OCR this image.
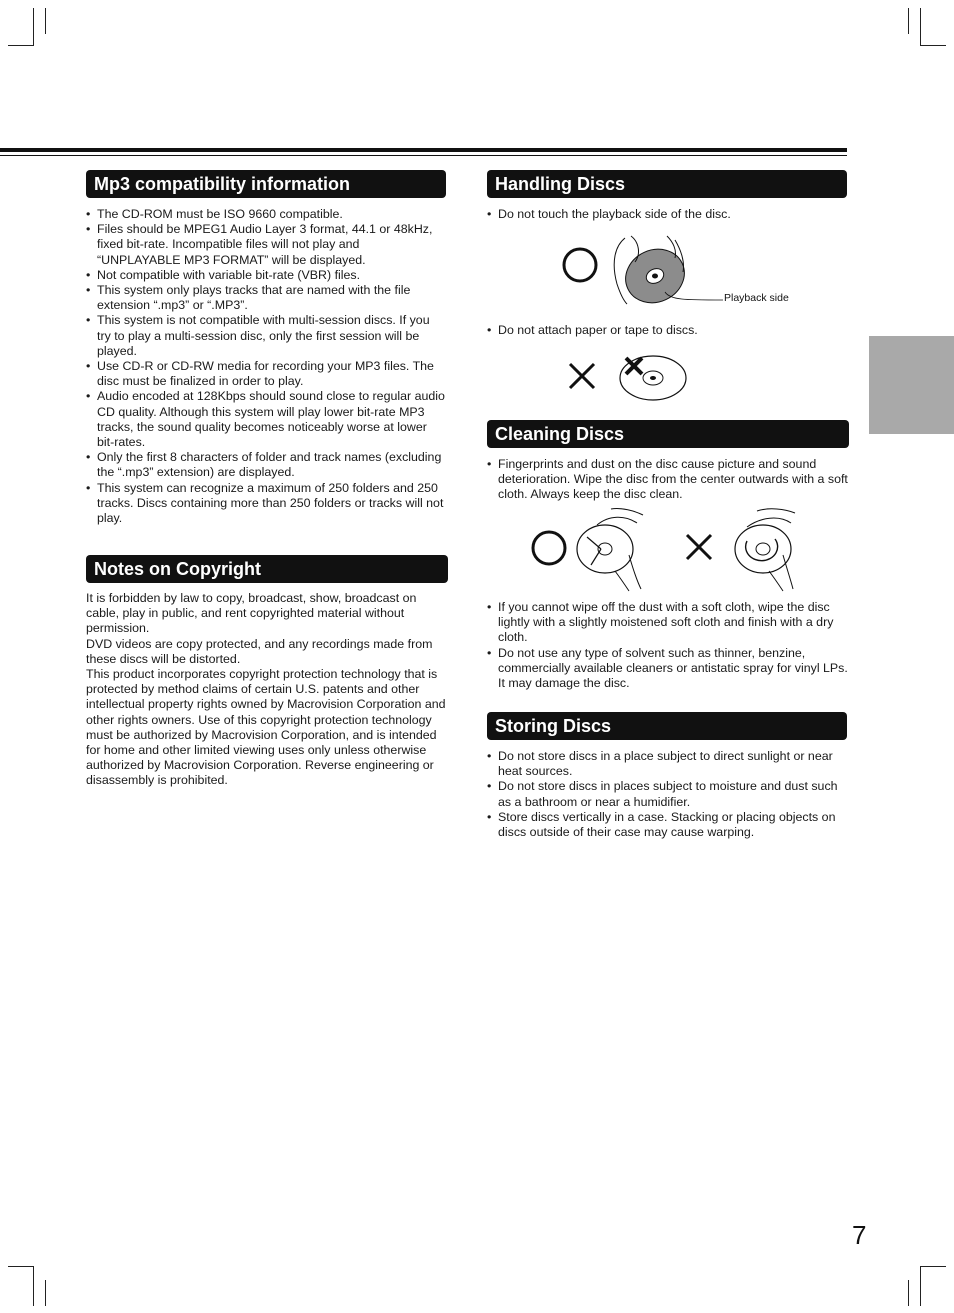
Mp3 compatibility information
• The CD-ROM must be ISO 9660 compatible.
• Files should be MPEG1 Audio Layer 3 format, 44.1 or 48kHz, fixed bit-rate. Incompatible files will not play and “UNPLAYABLE MP3 FORMAT” will be displayed.
• Not compatible with variable bit-rate (VBR) files.
• This system only plays tracks that are named with the file extension “.mp3” or “.MP3”.
• This system is not compatible with multi-session discs. If you try to play a multi-session disc, only the first session will be played.
• Use CD-R or CD-RW media for recording your MP3 files. The disc must be finalized in order to play.
• Audio encoded at 128Kbps should sound close to regular audio CD quality. Although this system will play lower bit-rate MP3 tracks, the sound quality becomes noticeably worse at lower bit-rates.
• Only the first 8 characters of folder and track names (excluding the “.mp3” extension) are displayed.
• This system can recognize a maximum of 250 folders and 250 tracks. Discs containing more than 250 folders or tracks will not play.
Notes on Copyright

It is forbidden by law to copy, broadcast, show, broadcast on cable, play in public, and rent copyrighted material without permission.

DVD videos are copy protected, and any recordings made from these discs will be distorted.

This product incorporates copyright protection technology that is protected by method claims of certain U.S. patents and other intellectual property rights owned by Macrovision Corporation and other rights owners. Use of this copyright protection technology must be authorized by Macrovision Corporation, and is intended for home and other limited viewing uses only unless otherwise authorized by Macrovision Corporation. Reverse engineering or disassembly is prohibited.

Handling Discs
• Do not touch the playback side of the disc.
Playback side
• Do not attach paper or tape to discs.
Cleaning Discs
• Fingerprints and dust on the disc cause picture and sound deterioration. Wipe the disc from the center outwards with a soft cloth. Always keep the disc clean.
• If you cannot wipe off the dust with a soft cloth, wipe the disc lightly with a slightly moistened soft cloth and finish with a dry cloth.
• Do not use any type of solvent such as thinner, benzine, commercially available cleaners or antistatic spray for vinyl LPs. It may damage the disc.
Storing Discs
• Do not store discs in a place subject to direct sunlight or near heat sources.
• Do not store discs in places subject to moisture and dust such as a bathroom or near a humidifier.
• Store discs vertically in a case. Stacking or placing objects on discs outside of their case may cause warping.
7
